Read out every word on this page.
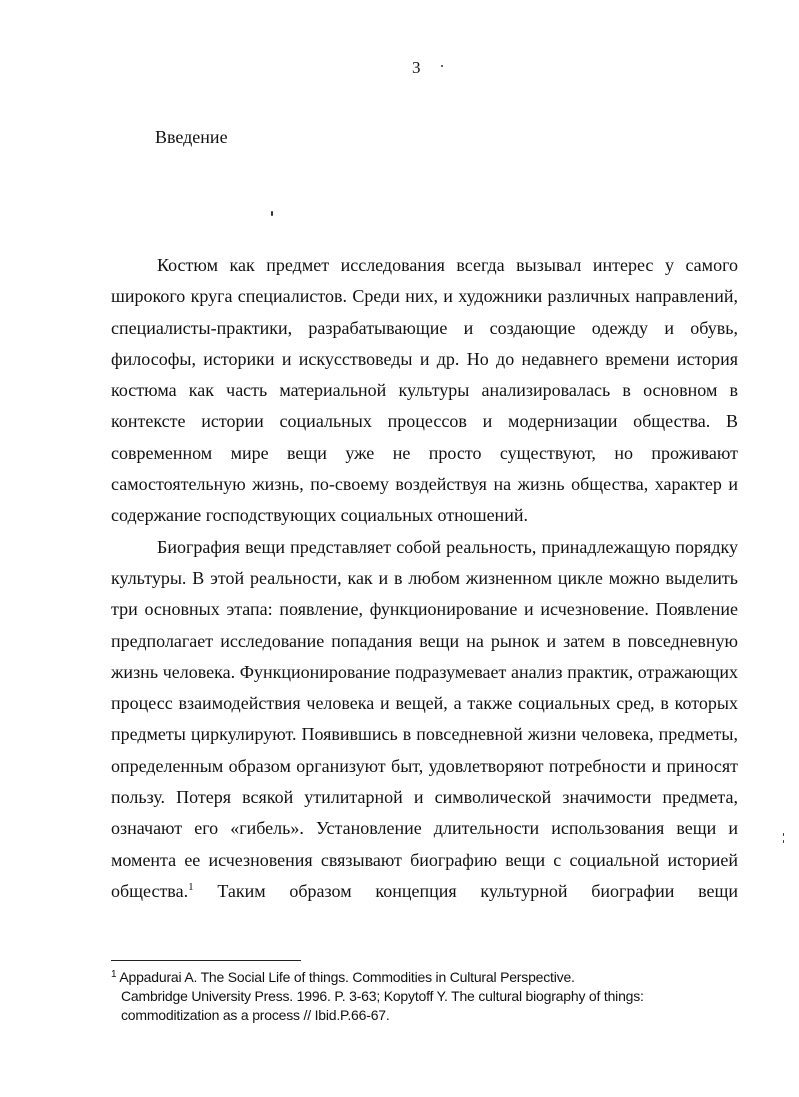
3
Введение

Костюм как предмет исследования всегда вызывал интерес у самого широкого круга специалистов. Среди них, и художники различных направлений, специалисты-практики, разрабатывающие и создающие одежду и обувь, философы, историки и искусствоведы и др. Но до недавнего времени история костюма как часть материальной культуры анализировалась в основном в контексте истории социальных процессов и модернизации общества. В современном мире вещи уже не просто существуют, но проживают самостоятельную жизнь, по-своему воздействуя на жизнь общества, характер и содержание господствующих социальных отношений.

Биография вещи представляет собой реальность, принадлежащую порядку культуры. В этой реальности, как и в любом жизненном цикле можно выделить три основных этапа: появление, функционирование и исчезновение. Появление предполагает исследование попадания вещи на рынок и затем в повседневную жизнь человека. Функционирование подразумевает анализ практик, отражающих процесс взаимодействия человека и вещей, а также социальных сред, в которых предметы циркулируют. Появившись в повседневной жизни человека, предметы, определенным образом организуют быт, удовлетворяют потребности и приносят пользу. Потеря всякой утилитарной и символической значимости предмета, означают его «гибель». Установление длительности использования вещи и момента ее исчезновения связывают биографию вещи с социальной историей общества.$^1$ Таким образом концепция культурной биографии вещи

$^1$ Appadurai A. The Social Life of things. Commodities in Cultural Perspective.
Cambridge University Press. 1996. P. 3-63; Kopytoff Y. The cultural biography of things:
commoditization as a process // Ibid.P.66-67.
